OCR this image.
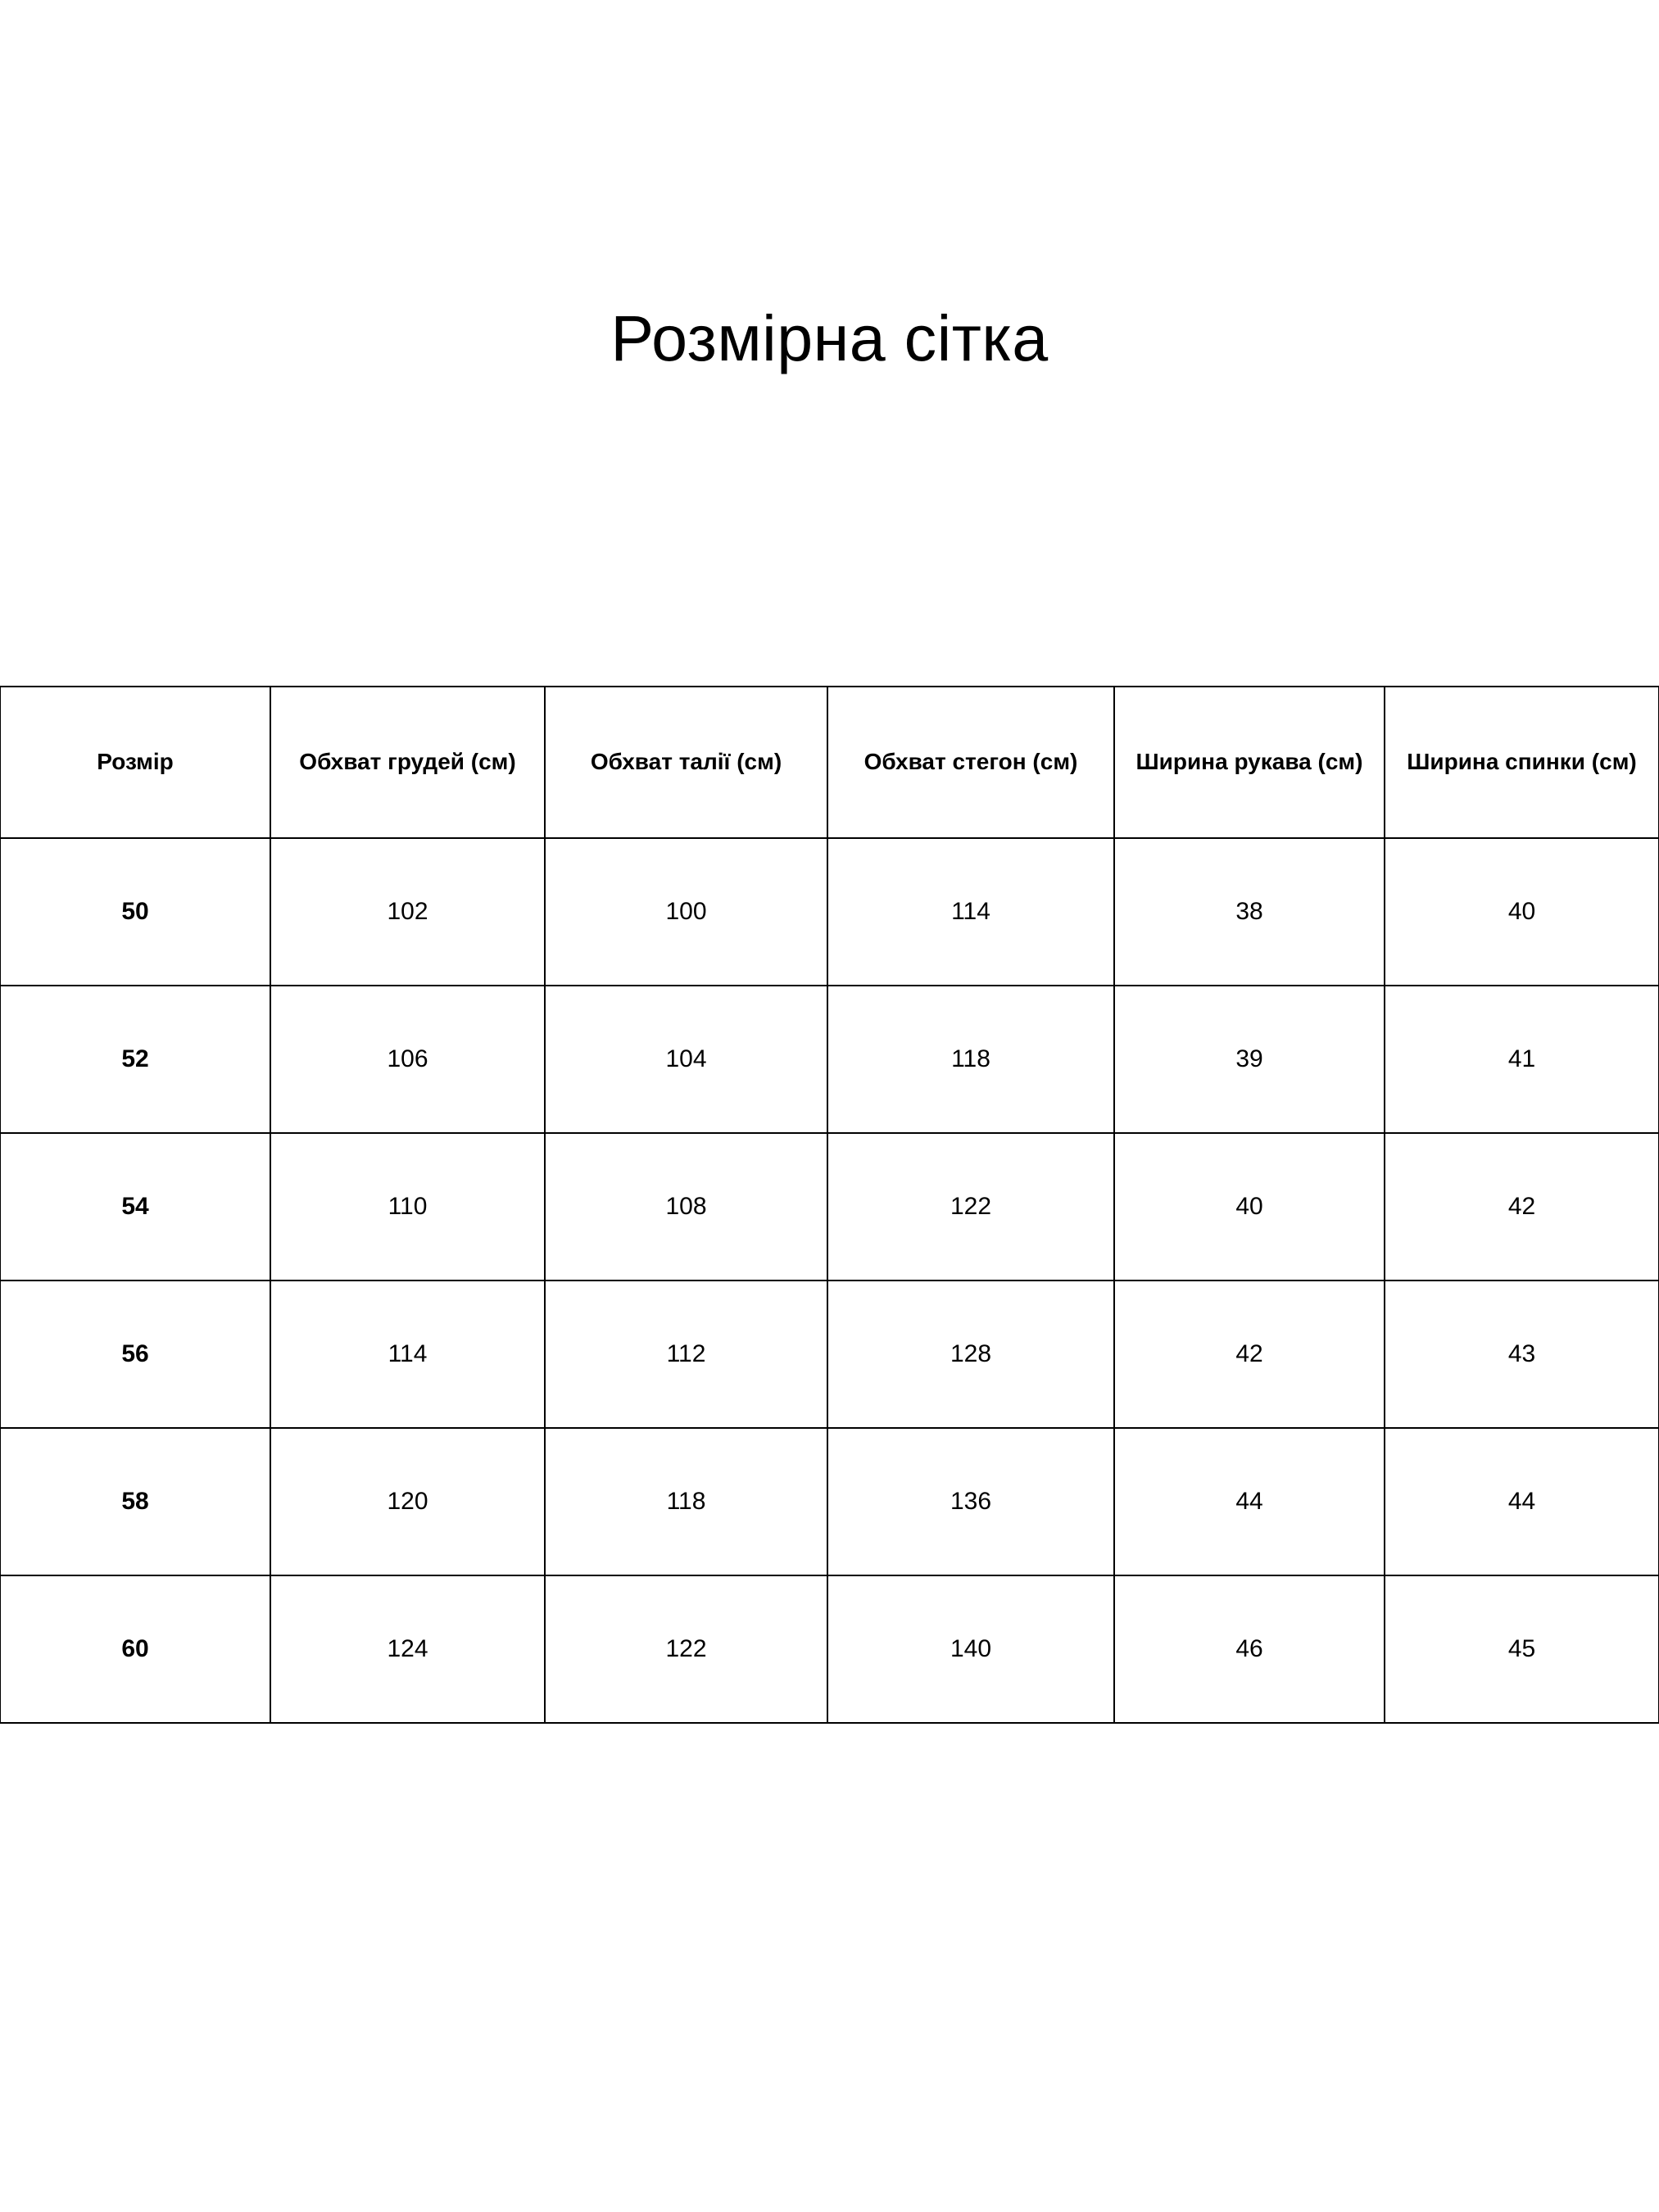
Розмірна сітка
Розмір	Обхват грудей (см)	Обхват талії (см)	Обхват стегон (см)	Ширина рукава (см)	Ширина спинки (см)
50	102	100	114	38	40
52	106	104	118	39	41
54	110	108	122	40	42
56	114	112	128	42	43
58	120	118	136	44	44
60	124	122	140	46	45
